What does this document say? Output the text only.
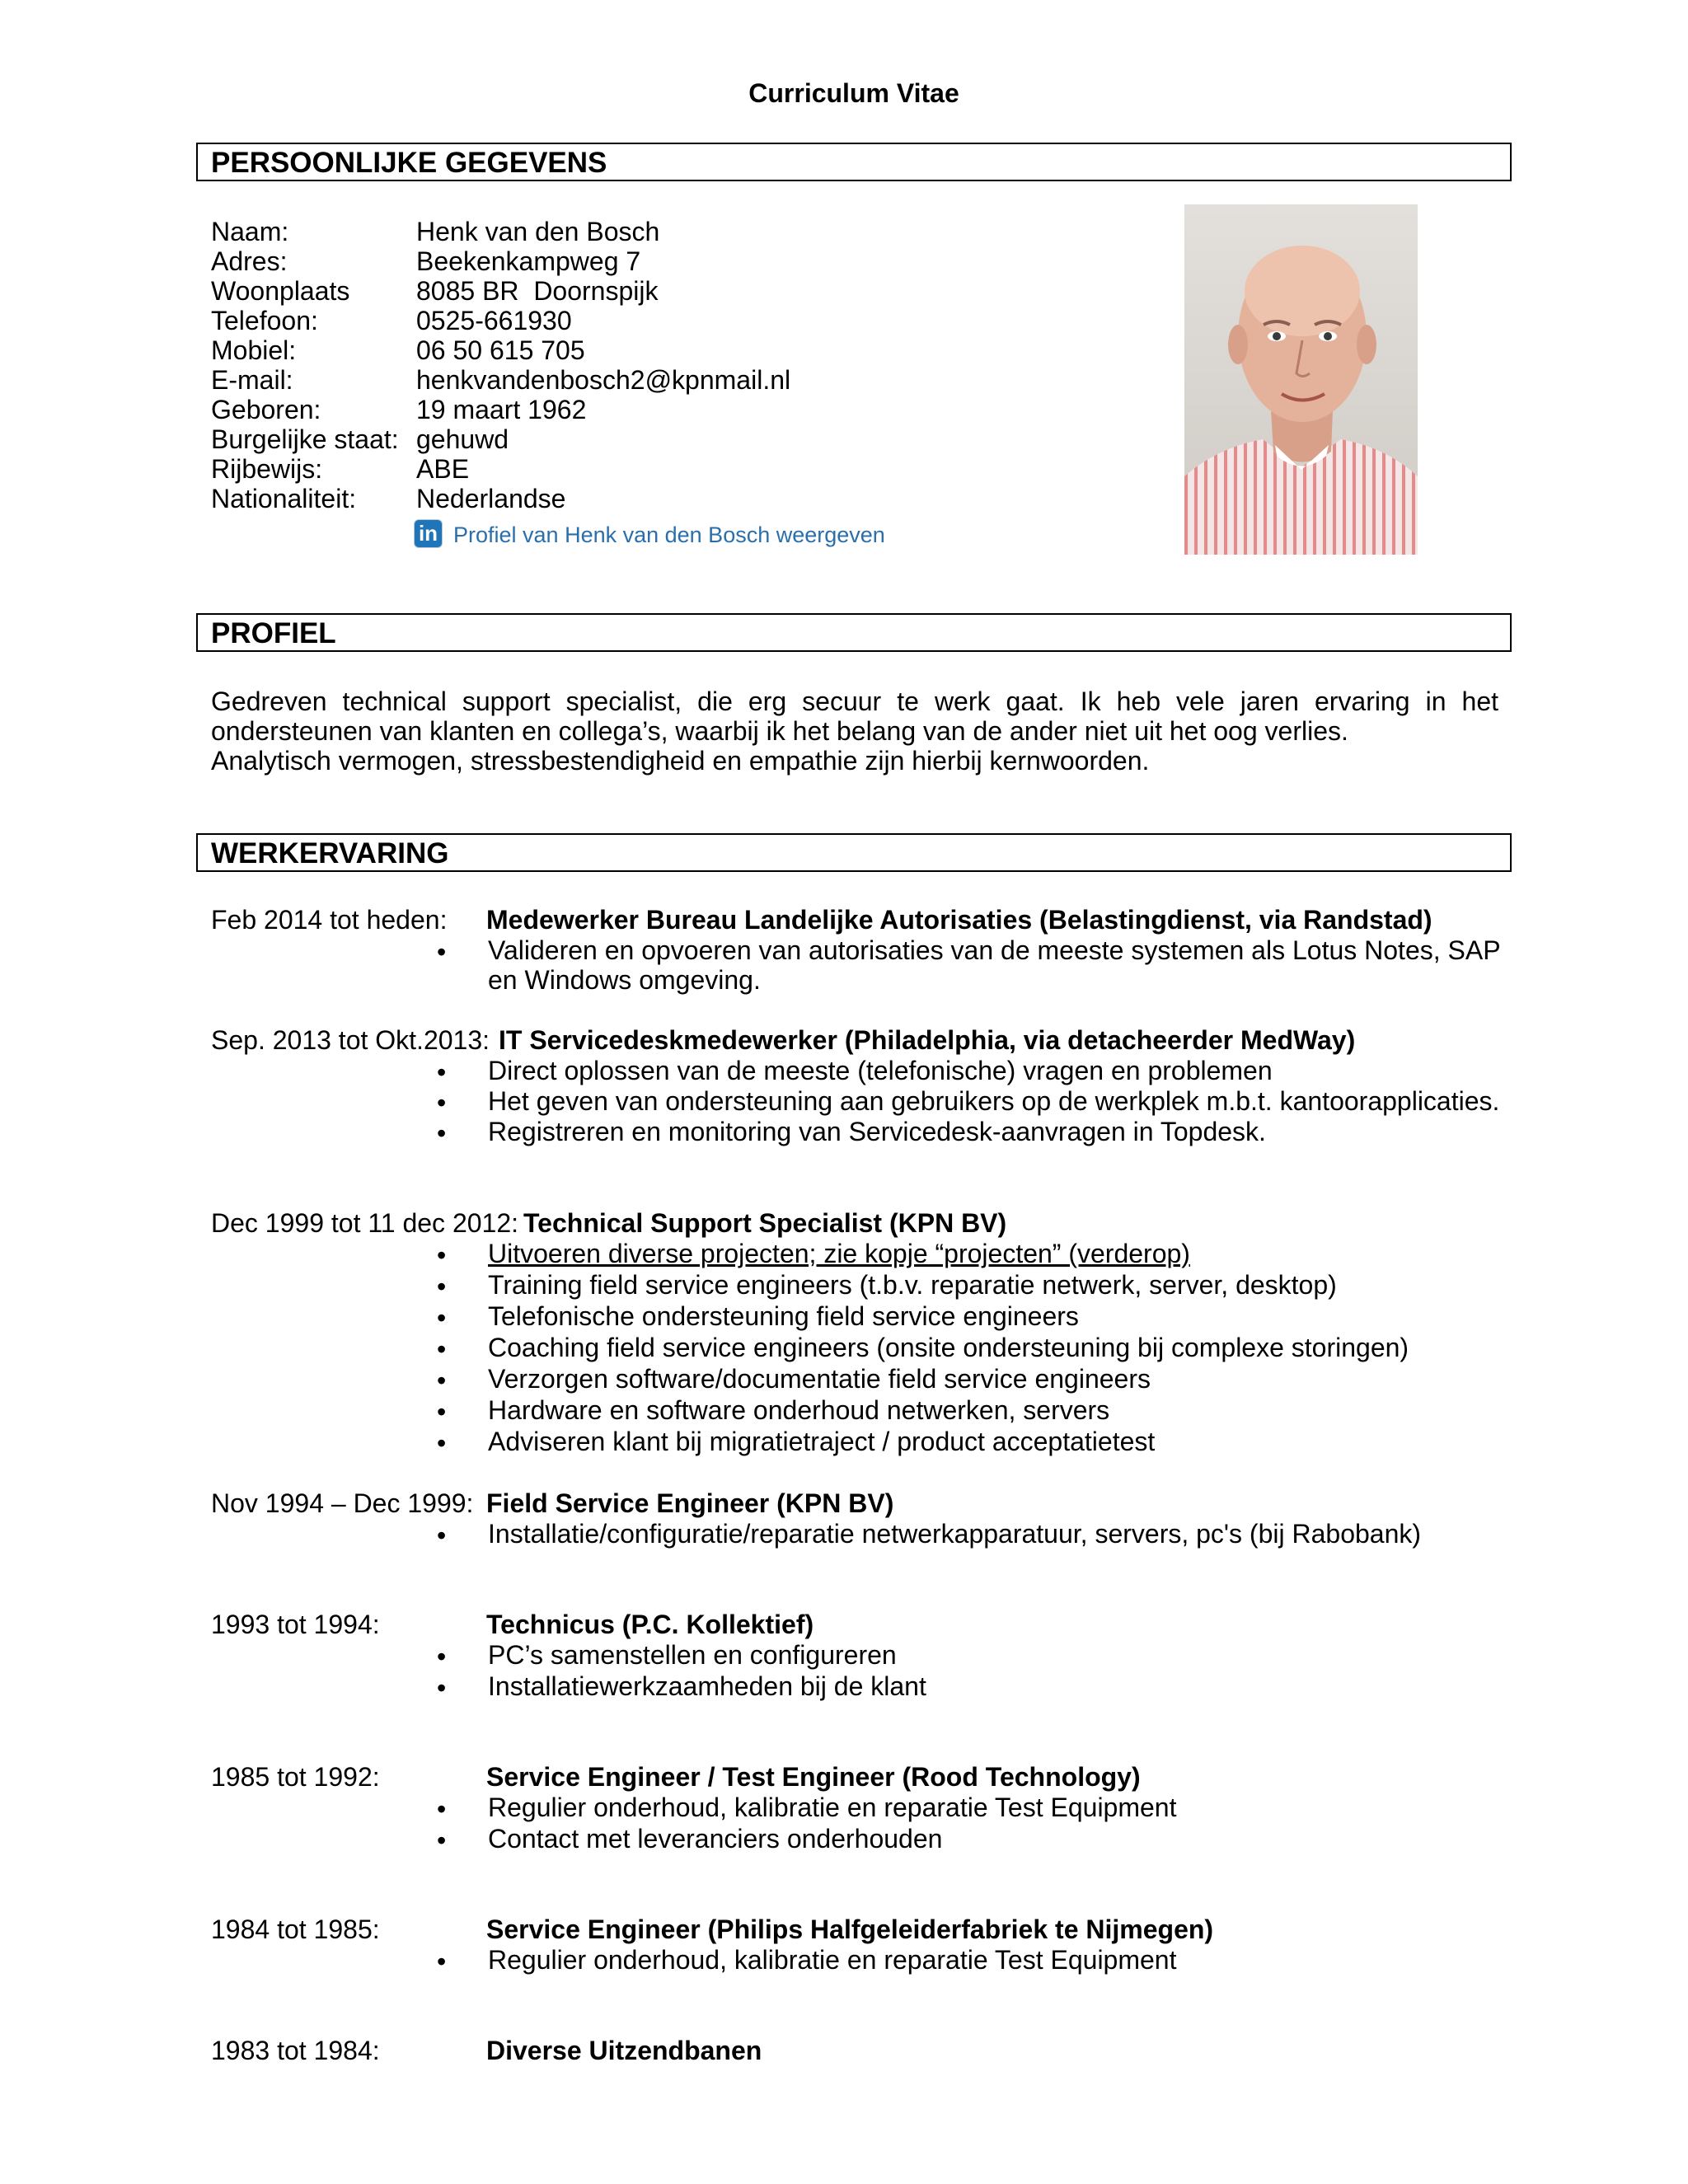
Curriculum Vitae
PERSOONLIJKE GEGEVENS
Naam:	Henk van den Bosch
Adres:	Beekenkampweg 7
Woonplaats	8085 BR  Doornspijk
Telefoon:	0525-661930
Mobiel:	06 50 615 705
E-mail:	henkvandenbosch2@kpnmail.nl
Geboren:	19 maart 1962
Burgelijke staat: gehuwd
Rijbewijs:	ABE
Nationaliteit: Nederlandse
in Profiel van Henk van den Bosch weergeven
PROFIEL
Gedreven technical support specialist, die erg secuur te werk gaat. Ik heb vele jaren ervaring in het ondersteunen van klanten en collega’s, waarbij ik het belang van de ander niet uit het oog verlies.
Analytisch vermogen, stressbestendigheid en empathie zijn hierbij kernwoorden.
WERKERVARING
Feb 2014 tot heden: Medewerker Bureau Landelijke Autorisaties (Belastingdienst, via Randstad)
• Valideren en opvoeren van autorisaties van de meeste systemen als Lotus Notes, SAP
en Windows omgeving.
Sep. 2013 tot Okt.2013: IT Servicedeskmedewerker (Philadelphia, via detacheerder MedWay)
• Direct oplossen van de meeste (telefonische) vragen en problemen
• Het geven van ondersteuning aan gebruikers op de werkplek m.b.t. kantoorapplicaties.
• Registreren en monitoring van Servicedesk-aanvragen in Topdesk.
Dec 1999 tot 11 dec 2012: Technical Support Specialist (KPN BV)
• Uitvoeren diverse projecten; zie kopje “projecten” (verderop)
• Training field service engineers (t.b.v. reparatie netwerk, server, desktop)
• Telefonische ondersteuning field service engineers
• Coaching field service engineers (onsite ondersteuning bij complexe storingen)
• Verzorgen software/documentatie field service engineers
• Hardware en software onderhoud netwerken, servers
• Adviseren klant bij migratietraject / product acceptatietest
Nov 1994 – Dec 1999: Field Service Engineer (KPN BV)
• Installatie/configuratie/reparatie netwerkapparatuur, servers, pc's (bij Rabobank)
1993 tot 1994:	Technicus (P.C. Kollektief)
• PC’s samenstellen en configureren
• Installatiewerkzaamheden bij de klant
1985 tot 1992:	Service Engineer / Test Engineer (Rood Technology)
• Regulier onderhoud, kalibratie en reparatie Test Equipment
• Contact met leveranciers onderhouden
1984 tot 1985:	Service Engineer (Philips Halfgeleiderfabriek te Nijmegen)
• Regulier onderhoud, kalibratie en reparatie Test Equipment
1983 tot 1984:	Diverse Uitzendbanen
